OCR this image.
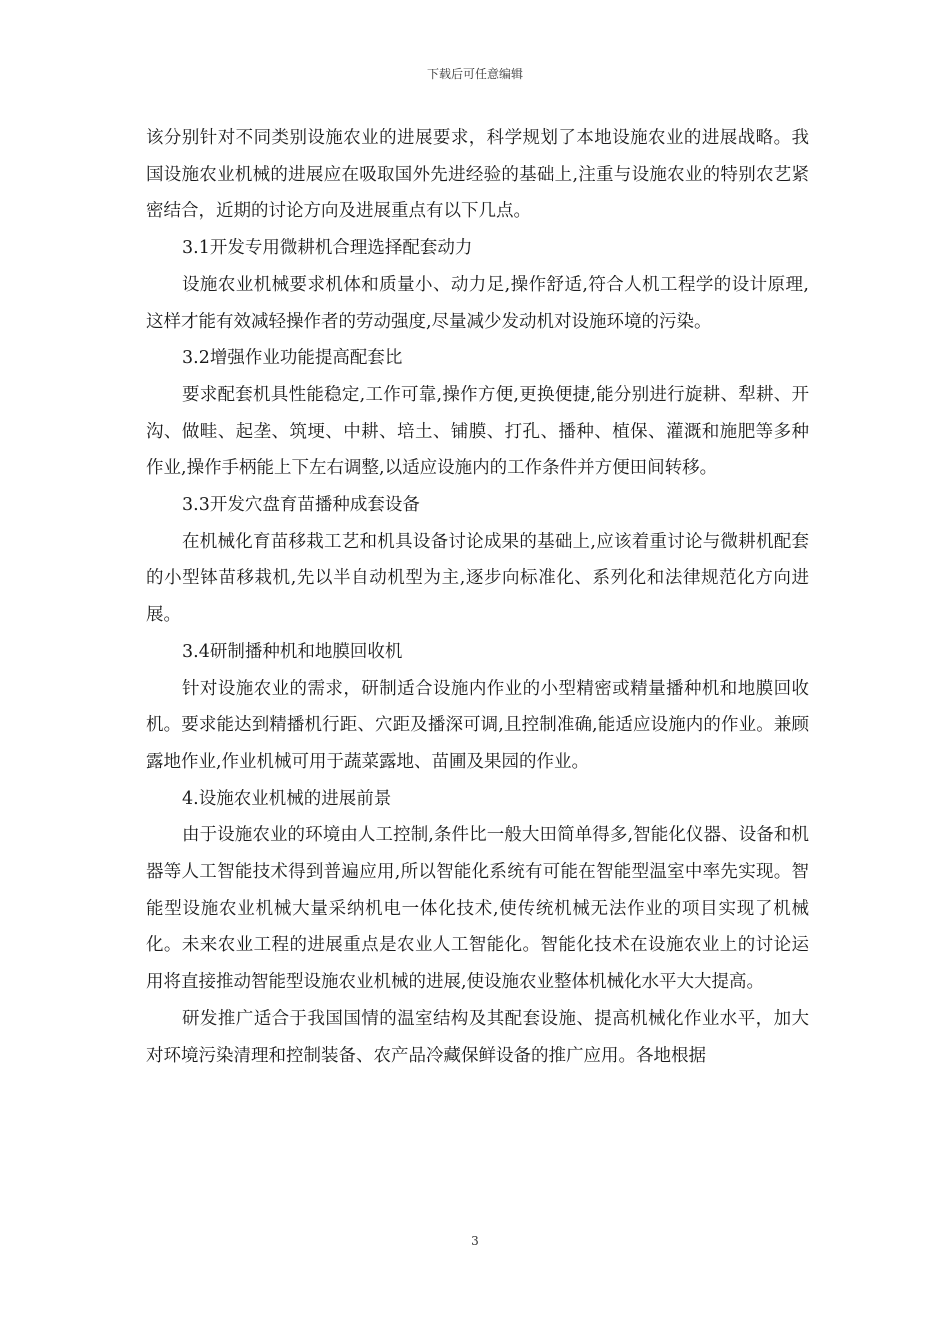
下载后可任意编辑

该分别针对不同类别设施农业的进展要求，科学规划了本地设施农业的进展战略。我国设施农业机械的进展应在吸取国外先进经验的基础上,注重与设施农业的特别农艺紧密结合，近期的讨论方向及进展重点有以下几点。

3.1开发专用微耕机合理选择配套动力

设施农业机械要求机体和质量小、动力足,操作舒适,符合人机工程学的设计原理,这样才能有效减轻操作者的劳动强度,尽量减少发动机对设施环境的污染。

3.2增强作业功能提高配套比

要求配套机具性能稳定,工作可靠,操作方便,更换便捷,能分别进行旋耕、犁耕、开沟、做畦、起垄、筑埂、中耕、培土、铺膜、打孔、播种、植保、灌溉和施肥等多种作业,操作手柄能上下左右调整,以适应设施内的工作条件并方便田间转移。

3.3开发穴盘育苗播种成套设备

在机械化育苗移栽工艺和机具设备讨论成果的基础上,应该着重讨论与微耕机配套的小型钵苗移栽机,先以半自动机型为主,逐步向标准化、系列化和法律规范化方向进展。

3.4研制播种机和地膜回收机

针对设施农业的需求，研制适合设施内作业的小型精密或精量播种机和地膜回收机。要求能达到精播机行距、穴距及播深可调,且控制准确,能适应设施内的作业。兼顾露地作业,作业机械可用于蔬菜露地、苗圃及果园的作业。

4.设施农业机械的进展前景

由于设施农业的环境由人工控制,条件比一般大田简单得多,智能化仪器、设备和机器等人工智能技术得到普遍应用,所以智能化系统有可能在智能型温室中率先实现。智能型设施农业机械大量采纳机电一体化技术,使传统机械无法作业的项目实现了机械化。未来农业工程的进展重点是农业人工智能化。智能化技术在设施农业上的讨论运用将直接推动智能型设施农业机械的进展,使设施农业整体机械化水平大大提高。

研发推广适合于我国国情的温室结构及其配套设施、提高机械化作业水平，加大对环境污染清理和控制装备、农产品冷藏保鲜设备的推广应用。各地根据

3
